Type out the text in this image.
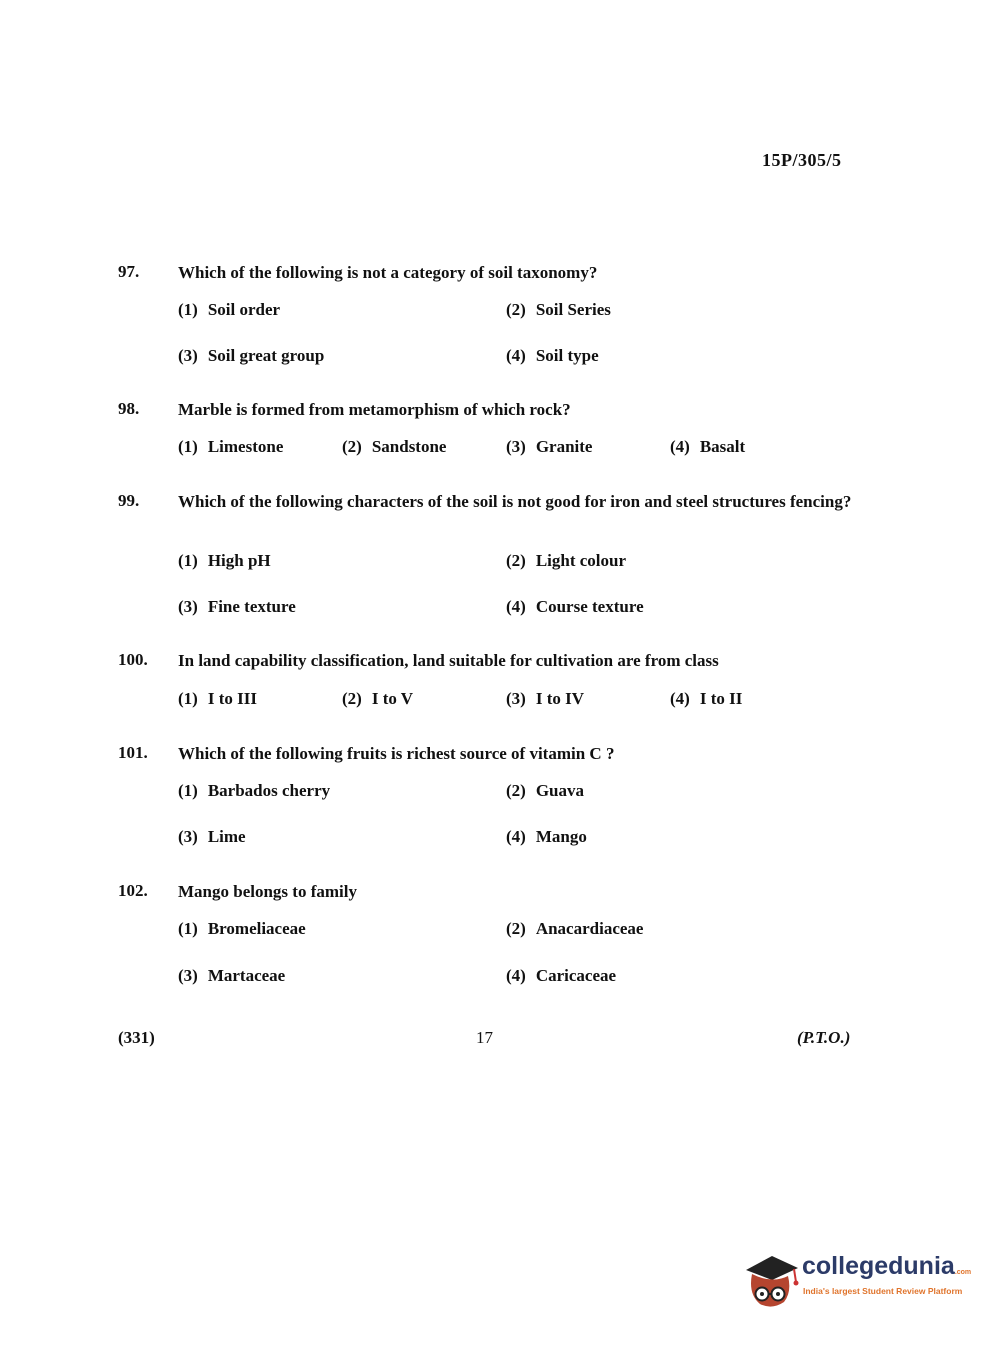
15P/305/5
97.	Which of the following is not a category of soil taxonomy?
(1) Soil order	(2) Soil Series
(3) Soil great group	(4) Soil type
98.	Marble is formed from metamorphism of which rock?
(1) Limestone	(2) Sandstone	(3) Granite	(4) Basalt
99.	Which of the following characters of the soil is not good for iron and steel structures fencing?
(1) High pH	(2) Light colour
(3) Fine texture	(4) Course texture
100.	In land capability classification, land suitable for cultivation are from class
(1) I to III	(2) I to V	(3) I to IV	(4) I to II
101.	Which of the following fruits is richest source of vitamin C ?
(1) Barbados cherry	(2) Guava
(3) Lime	(4) Mango
102.	Mango belongs to family
(1) Bromeliaceae	(2) Anacardiaceae
(3) Martaceae	(4) Caricaceae
(331)	17	(P.T.O.)
collegedunia.com
India's largest Student Review Platform
